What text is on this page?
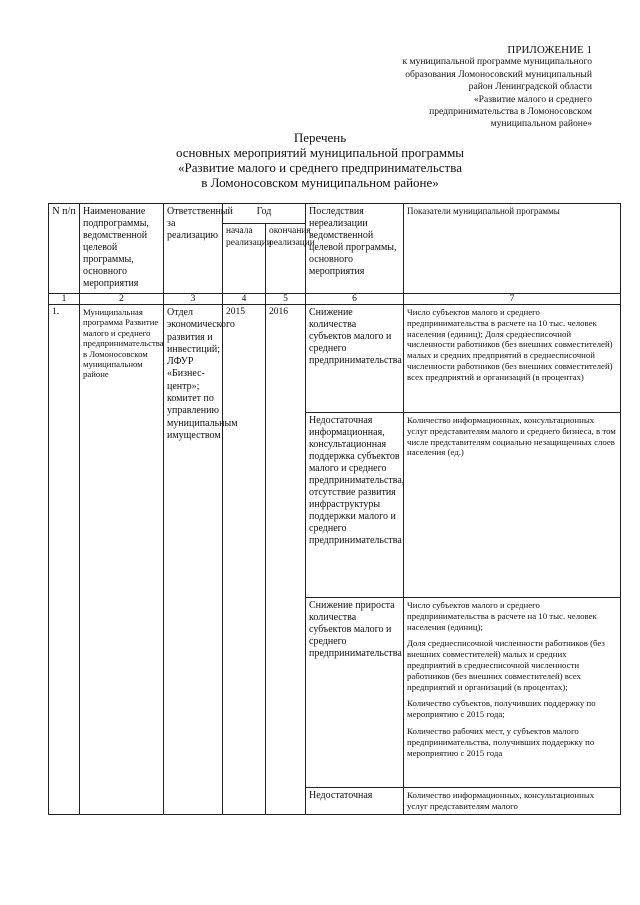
ПРИЛОЖЕНИЕ 1
к муниципальной программе муниципального
образования Ломоносовский муниципальный
район Ленинградской области
«Развитие малого и среднего
предпринимательства в Ломоносовском
муниципальном районе»
Перечень
основных мероприятий муниципальной программы
«Развитие малого и среднего предпринимательства
в Ломоносовском муниципальном районе»
N п/п	Наименование подпрограммы, ведомственной целевой программы, основного мероприятия	Ответственный за реализацию	Год		Последствия нереализации ведомственной целевой программы, основного мероприятия	Показатели муниципальной программы
			начала реализации	окончания реализации		
1	2	3	4	5	6	7
1.	Муниципальная программа Развитие малого и среднего предпринимательства в Ломоносовском муниципальном районе	Отдел экономического развития и инвестиций; ЛФУР «Бизнес-центр»; комитет по управлению муниципальным имуществом	2015	2016	Снижение количества субъектов малого и среднего предпринимательства	Число субъектов малого и среднего предпринимательства в расчете на 10 тыс. человек населения (единиц); Доля среднесписочной численности работников (без внешних совместителей) малых и средних предприятий в среднесписочной численности работников (без внешних совместителей) всех предприятий и организаций (в процентах)

					Недостаточная информационная, консультационная поддержка субъектов малого и среднего предпринимательства, отсутствие развития инфраструктуры поддержки малого и среднего предпринимательства	Количество информационных, консультационных услуг представителям малого и среднего бизнеса, в том числе представителям социально незащищенных слоев населения (ед.)

					Снижение прироста количества субъектов малого и среднего предпринимательства	Число субъектов малого и среднего предпринимательства в расчете на 10 тыс. человек населения (единиц);

Доля среднесписочной численности работников (без внешних совместителей) малых и средних предприятий в среднесписочной численности работников (без внешних совместителей) всех предприятий и организаций (в процентах);

Количество субъектов, получивших поддержку по мероприятию с 2015 года;

Количество рабочих мест, у субъектов малого предпринимательства, получивших поддержку по мероприятию с 2015 года

					Недостаточная	Количество информационных, консультационных услуг представителям малого
